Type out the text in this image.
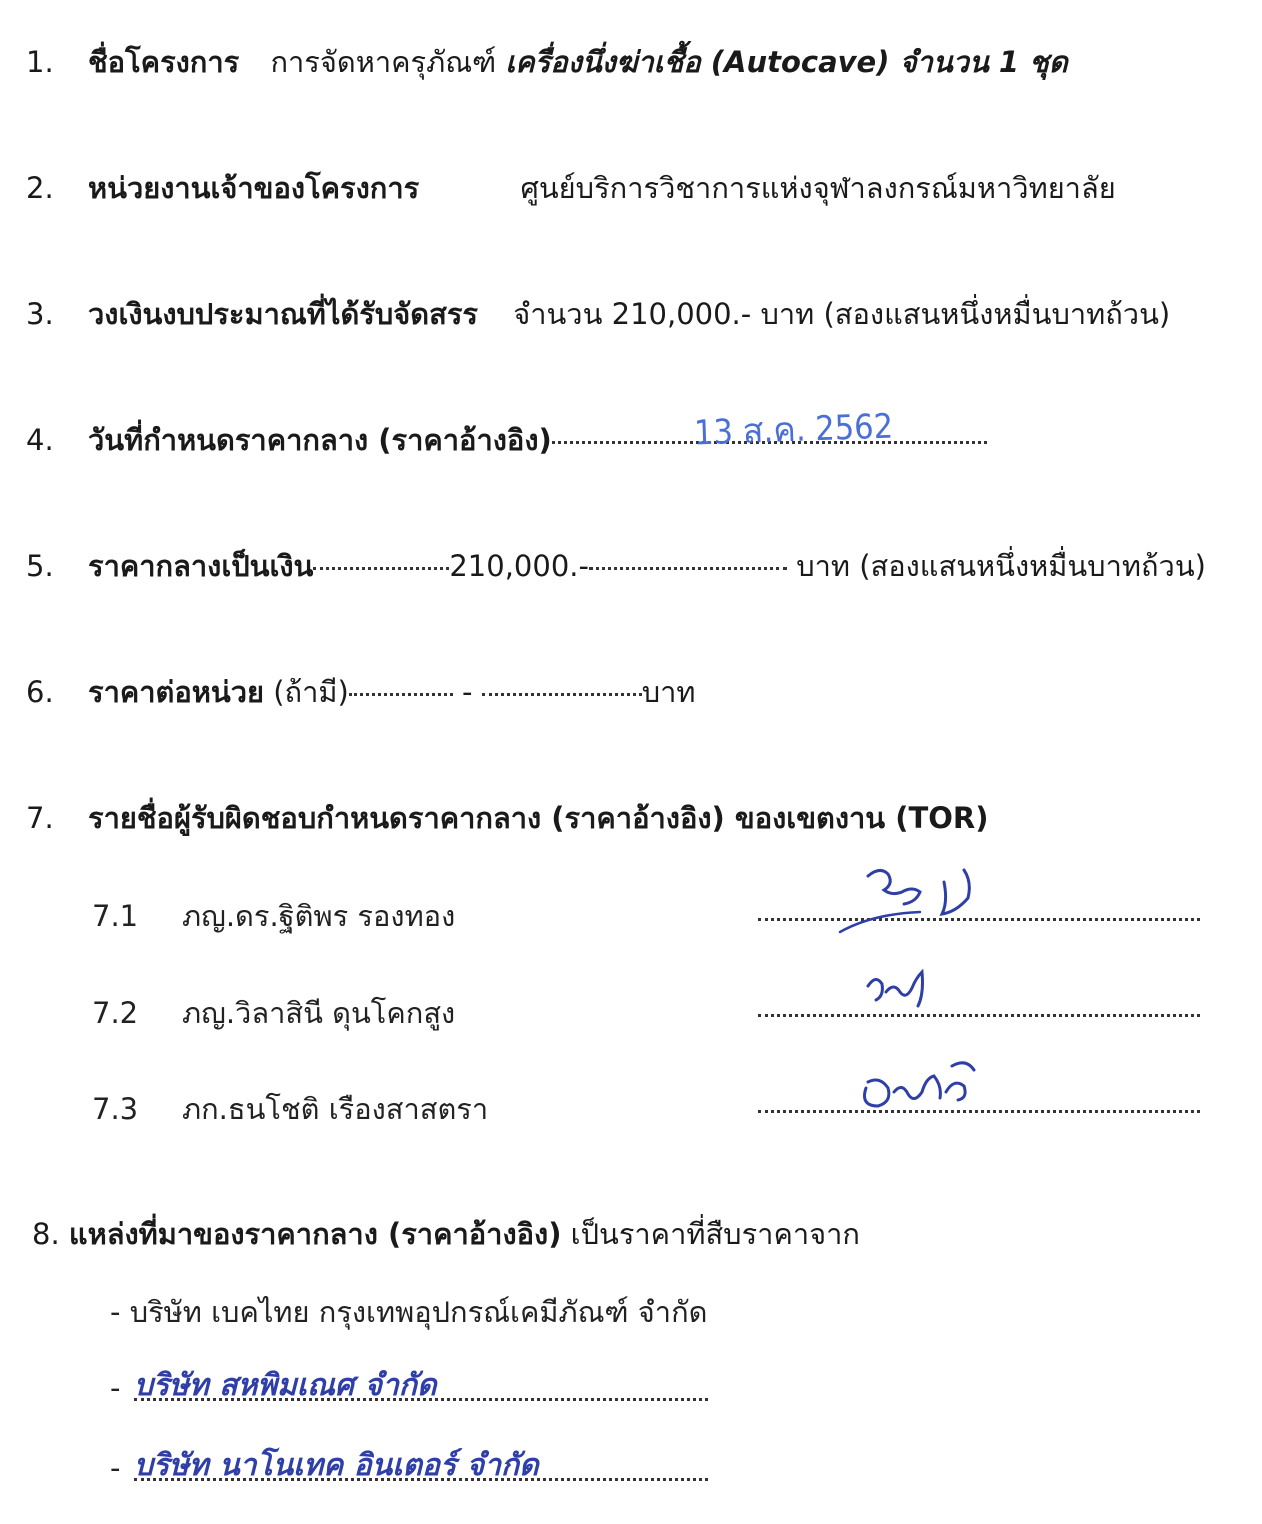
1. ชื่อโครงการ การจัดหาครุภัณฑ์ เครื่องนึ่งฆ่าเชื้อ (Autocave) จำนวน 1 ชุด
2. หน่วยงานเจ้าของโครงการ	ศูนย์บริการวิชาการแห่งจุฬาลงกรณ์มหาวิทยาลัย
3. วงเงินงบประมาณที่ได้รับจัดสรร จำนวน 210,000.- บาท (สองแสนหนึ่งหมื่นบาทถ้วน)
4. วันที่กำหนดราคากลาง (ราคาอ้างอิง)	13 ส.ค. 2562
5. ราคากลางเป็นเงิน	210,000.-	บาท (สองแสนหนึ่งหมื่นบาทถ้วน)
6. ราคาต่อหน่วย (ถ้ามี)	-	บาท
7. รายชื่อผู้รับผิดชอบกำหนดราคากลาง (ราคาอ้างอิง) ของเขตงาน (TOR)
7.1 ภญ.ดร.ฐิติพร รองทอง
7.2 ภญ.วิลาสินี ดุนโคกสูง
7.3 ภก.ธนโชติ เรืองสาสตรา
8. แหล่งที่มาของราคากลาง (ราคาอ้างอิง) เป็นราคาที่สืบราคาจาก
- บริษัท เบคไทย กรุงเทพอุปกรณ์เคมีภัณฑ์ จำกัด
- บริษัท สหพิมเณศ จำกัด
- บริษัท นาโนเทค อินเตอร์ จำกัด
